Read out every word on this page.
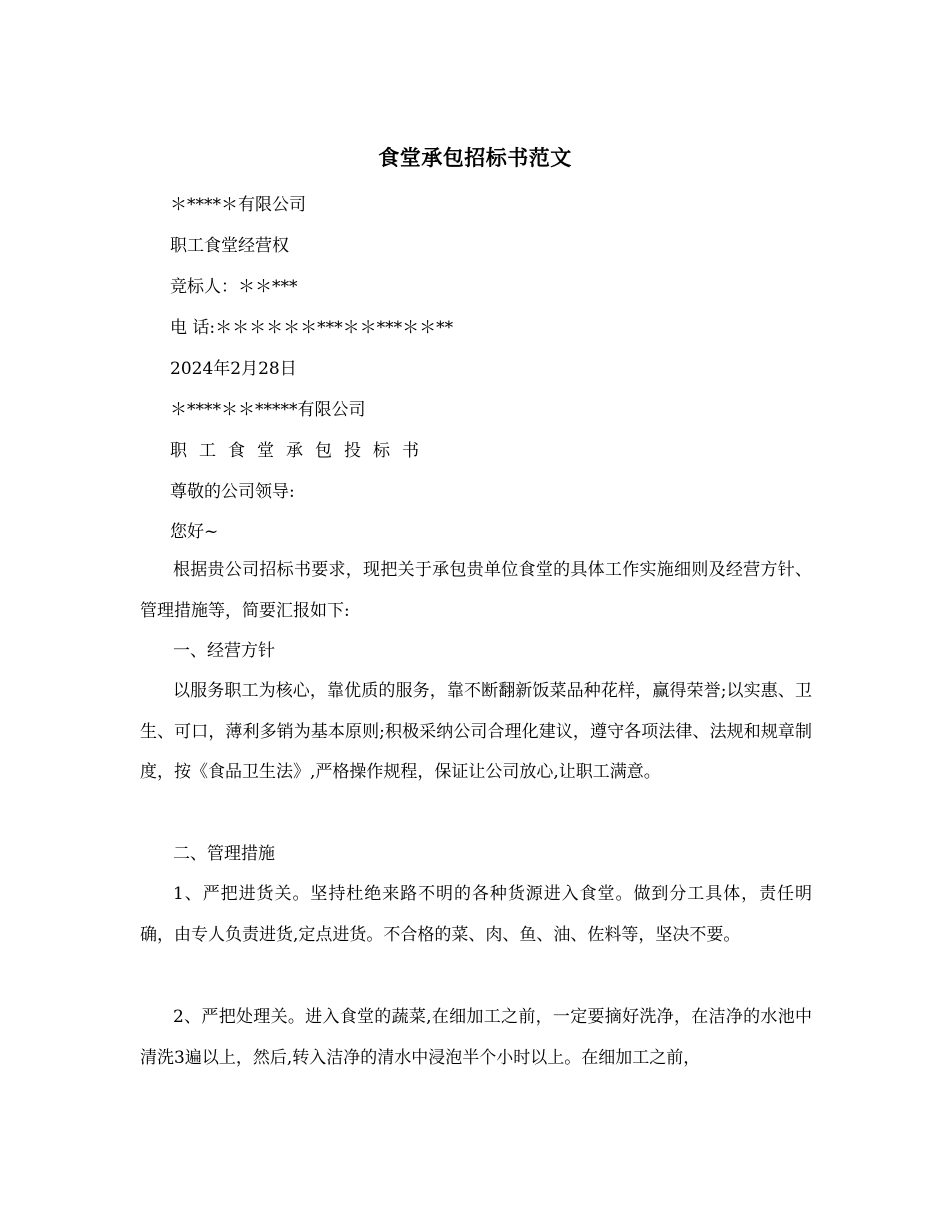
食堂承包招标书范文
＊****＊有限公司
职工食堂经营权
竞标人：＊＊***
电 话:＊＊＊＊＊＊***＊＊***＊＊**
2024年2月28日
＊****＊＊*****有限公司
职工食堂承包投标书
尊敬的公司领导:
您好~
根据贵公司招标书要求，现把关于承包贵单位食堂的具体工作实施细则及经营方针、管理措施等，简要汇报如下:
一、经营方针
以服务职工为核心，靠优质的服务，靠不断翻新饭菜品种花样，赢得荣誉;以实惠、卫生、可口，薄利多销为基本原则;积极采纳公司合理化建议，遵守各项法律、法规和规章制度，按《食品卫生法》,严格操作规程，保证让公司放心,让职工满意。
二、管理措施
1、严把进货关。坚持杜绝来路不明的各种货源进入食堂。做到分工具体，责任明确，由专人负责进货,定点进货。不合格的菜、肉、鱼、油、佐料等，坚决不要。
2、严把处理关。进入食堂的蔬菜,在细加工之前，一定要摘好洗净，在洁净的水池中清洗3遍以上，然后,转入洁净的清水中浸泡半个小时以上。在细加工之前，
